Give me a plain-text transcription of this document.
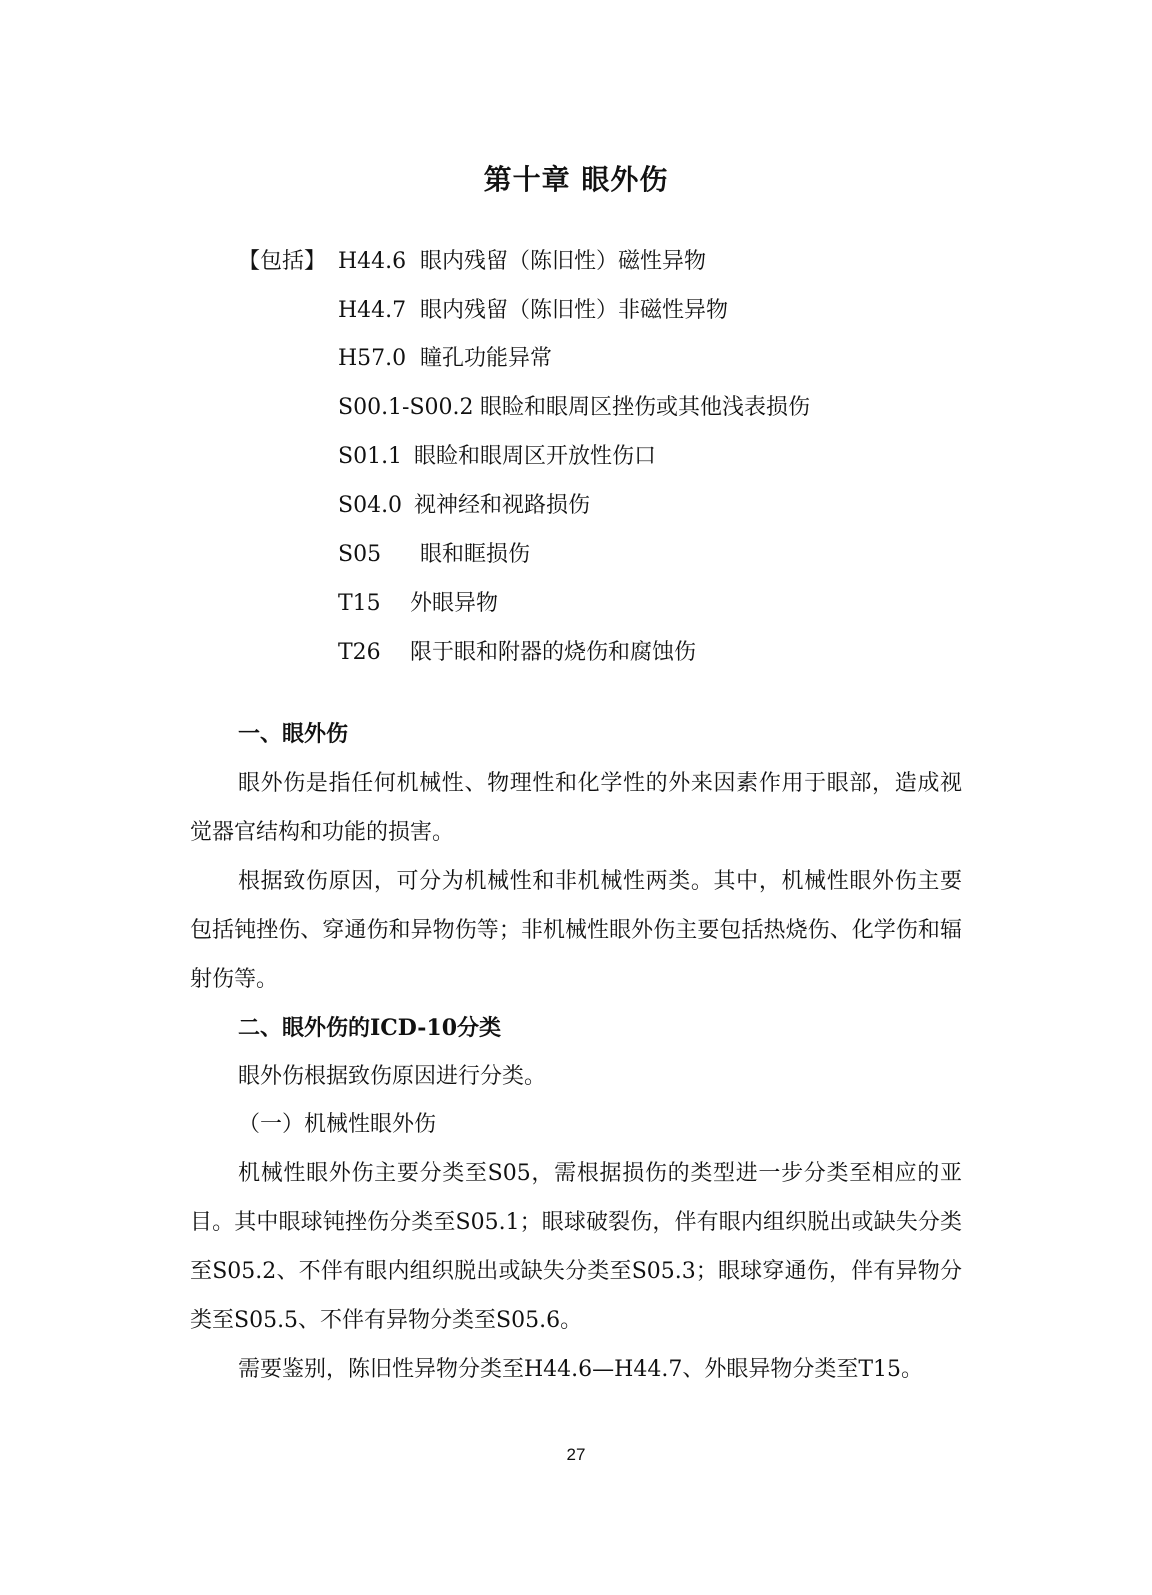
第十章 眼外伤
【包括】 H44.6 眼内残留（陈旧性）磁性异物
H44.7 眼内残留（陈旧性）非磁性异物
H57.0 瞳孔功能异常
S00.1-S00.2 眼睑和眼周区挫伤或其他浅表损伤
S01.1 眼睑和眼周区开放性伤口
S04.0 视神经和视路损伤
S05 眼和眶损伤
T15 外眼异物
T26 限于眼和附器的烧伤和腐蚀伤
一、眼外伤

眼外伤是指任何机械性、物理性和化学性的外来因素作用于眼部，造成视觉器官结构和功能的损害。

根据致伤原因，可分为机械性和非机械性两类。其中，机械性眼外伤主要包括钝挫伤、穿通伤和异物伤等；非机械性眼外伤主要包括热烧伤、化学伤和辐射伤等。

二、眼外伤的ICD-10分类
眼外伤根据致伤原因进行分类。
（一）机械性眼外伤

机械性眼外伤主要分类至S05，需根据损伤的类型进一步分类至相应的亚目。其中眼球钝挫伤分类至S05.1；眼球破裂伤，伴有眼内组织脱出或缺失分类至S05.2、不伴有眼内组织脱出或缺失分类至S05.3；眼球穿通伤，伴有异物分类至S05.5、不伴有异物分类至S05.6。

需要鉴别，陈旧性异物分类至H44.6—H44.7、外眼异物分类至T15。

27
